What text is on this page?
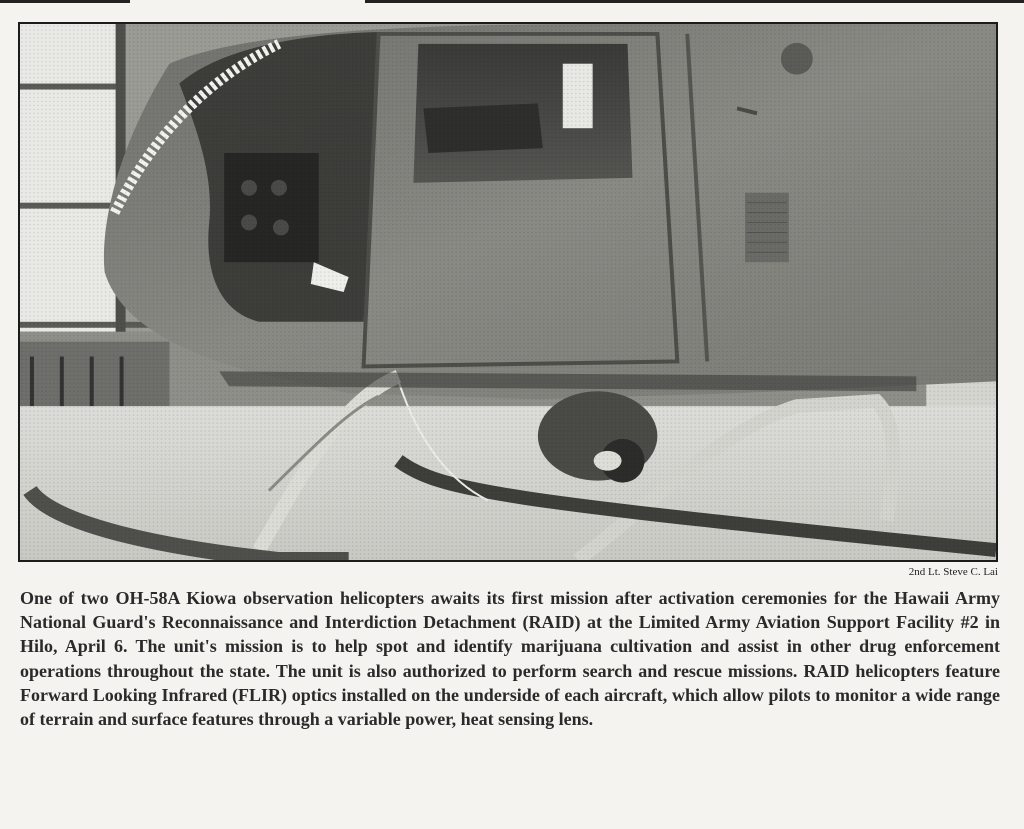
2nd Lt. Steve C. Lai

One of two OH-58A Kiowa observation helicopters awaits its first mission after activation ceremonies for the Hawaii Army National Guard's Reconnaissance and Interdiction Detachment (RAID) at the Limited Army Aviation Support Facility #2 in Hilo, April 6. The unit's mission is to help spot and identify marijuana cultivation and assist in other drug enforcement operations throughout the state. The unit is also authorized to perform search and rescue missions. RAID helicopters feature Forward Looking Infrared (FLIR) optics installed on the underside of each aircraft, which allow pilots to monitor a wide range of terrain and surface features through a variable power, heat sensing lens.
